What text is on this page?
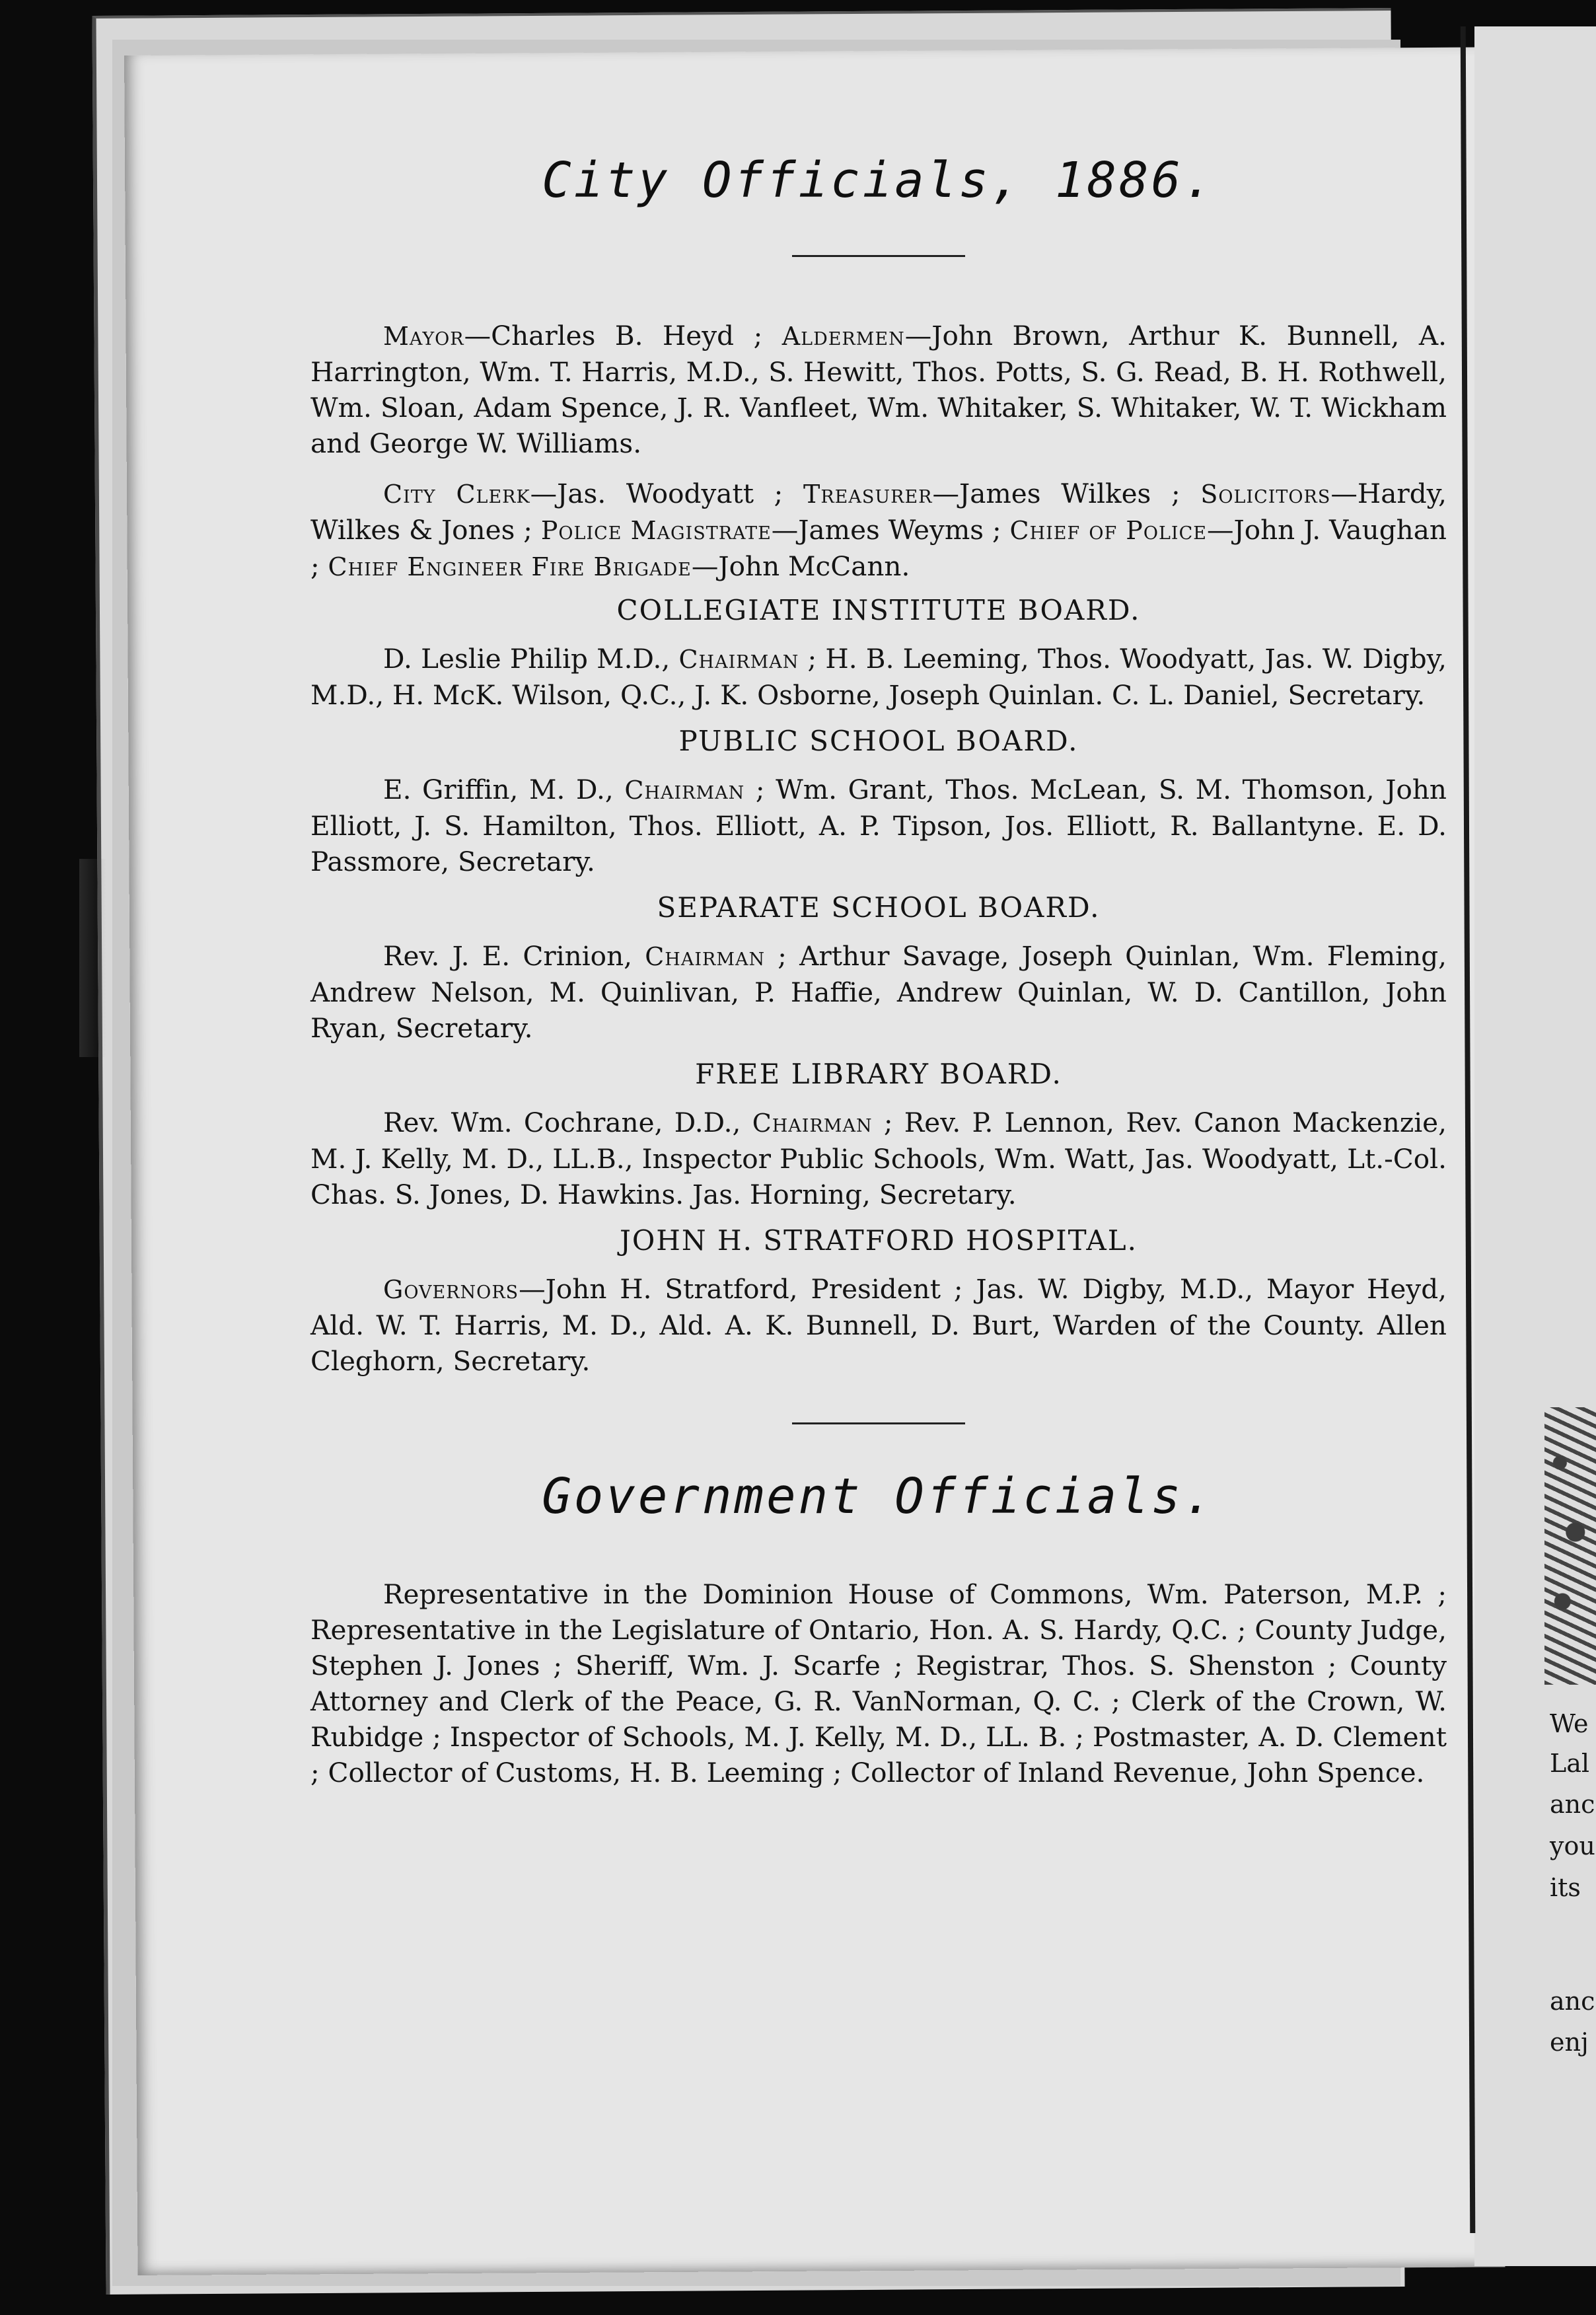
We
Lal
anc
you
its
anc
enj
City Officials, 1886.

Mayor—Charles B. Heyd ; Aldermen—John Brown, Arthur K. Bunnell, A. Harrington, Wm. T. Harris, M.D., S. Hewitt, Thos. Potts, S. G. Read, B. H. Rothwell, Wm. Sloan, Adam Spence, J. R. Vanfleet, Wm. Whitaker, S. Whitaker, W. T. Wickham and George W. Williams.

City Clerk—Jas. Woodyatt ; Treasurer—James Wilkes ; Solicitors—Hardy, Wilkes & Jones ; Police Magistrate—James Weyms ; Chief of Police—John J. Vaughan ; Chief Engineer Fire Brigade—John McCann.

COLLEGIATE INSTITUTE BOARD.

D. Leslie Philip M.D., Chairman ; H. B. Leeming, Thos. Woodyatt, Jas. W. Digby, M.D., H. McK. Wilson, Q.C., J. K. Osborne, Joseph Quinlan. C. L. Daniel, Secretary.

PUBLIC SCHOOL BOARD.

E. Griffin, M. D., Chairman ; Wm. Grant, Thos. McLean, S. M. Thomson, John Elliott, J. S. Hamilton, Thos. Elliott, A. P. Tipson, Jos. Elliott, R. Ballantyne. E. D. Passmore, Secretary.

SEPARATE SCHOOL BOARD.

Rev. J. E. Crinion, Chairman ; Arthur Savage, Joseph Quinlan, Wm. Fleming, Andrew Nelson, M. Quinlivan, P. Haffie, Andrew Quinlan, W. D. Cantillon, John Ryan, Secretary.

FREE LIBRARY BOARD.

Rev. Wm. Cochrane, D.D., Chairman ; Rev. P. Lennon, Rev. Canon Mackenzie, M. J. Kelly, M. D., LL.B., Inspector Public Schools, Wm. Watt, Jas. Woodyatt, Lt.-Col. Chas. S. Jones, D. Hawkins. Jas. Horning, Secretary.

JOHN H. STRATFORD HOSPITAL.

Governors—John H. Stratford, President ; Jas. W. Digby, M.D., Mayor Heyd, Ald. W. T. Harris, M. D., Ald. A. K. Bunnell, D. Burt, Warden of the County. Allen Cleghorn, Secretary.

Government Officials.

Representative in the Dominion House of Commons, Wm. Paterson, M.P. ; Representative in the Legislature of Ontario, Hon. A. S. Hardy, Q.C. ; County Judge, Stephen J. Jones ; Sheriff, Wm. J. Scarfe ; Registrar, Thos. S. Shenston ; County Attorney and Clerk of the Peace, G. R. VanNorman, Q. C. ; Clerk of the Crown, W. Rubidge ; Inspector of Schools, M. J. Kelly, M. D., LL. B. ; Postmaster, A. D. Clement ; Collector of Customs, H. B. Leeming ; Collector of Inland Revenue, John Spence.
